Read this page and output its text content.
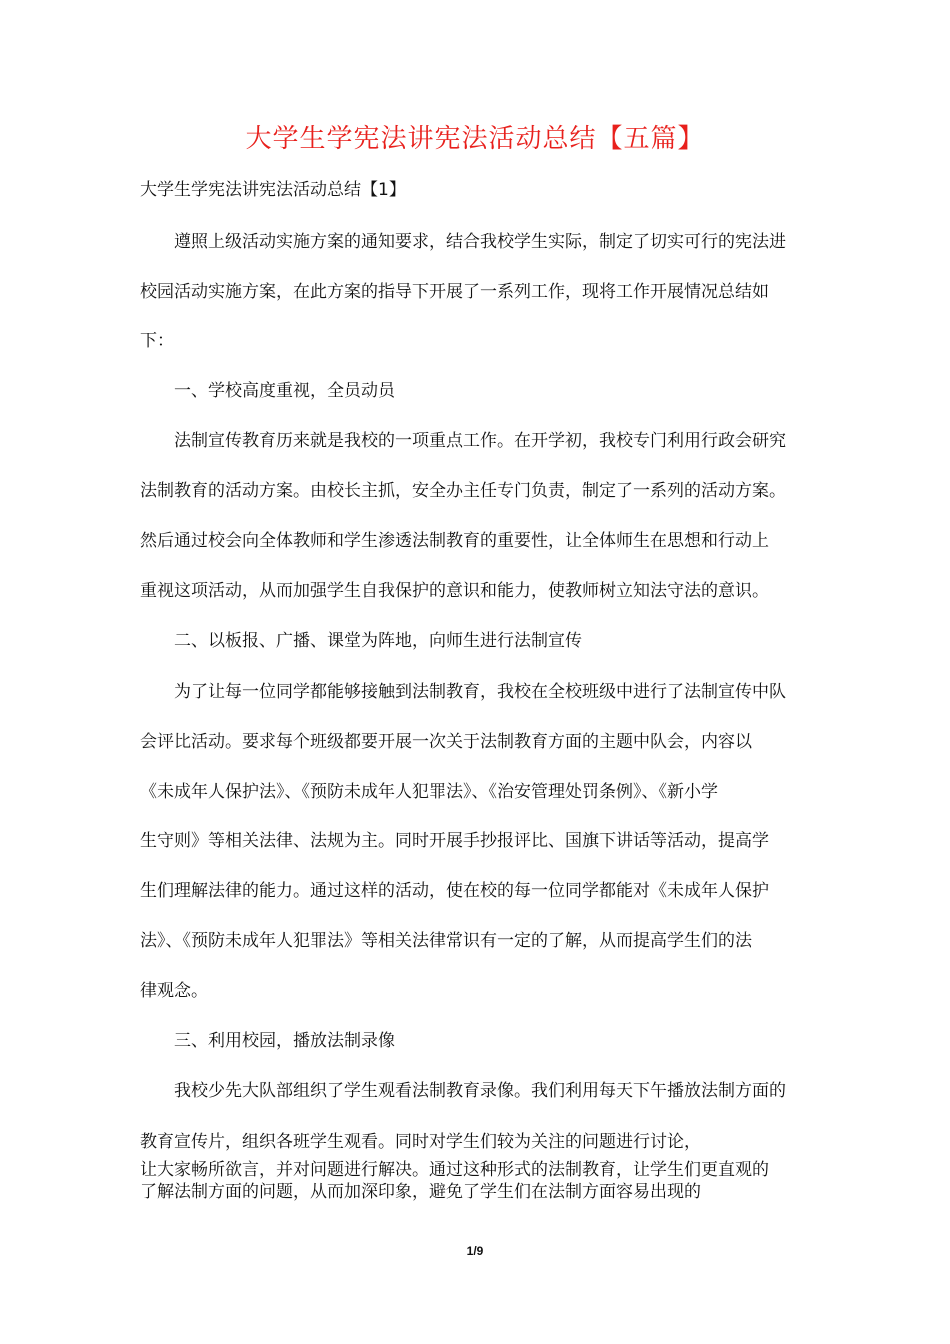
大学生学宪法讲宪法活动总结【五篇】
大学生学宪法讲宪法活动总结【1】
　　遵照上级活动实施方案的通知要求，结合我校学生实际，制定了切实可行的宪法进
校园活动实施方案，在此方案的指导下开展了一系列工作，现将工作开展情况总结如
下：
　　一、学校高度重视，全员动员
　　法制宣传教育历来就是我校的一项重点工作。在开学初，我校专门利用行政会研究
法制教育的活动方案。由校长主抓，安全办主任专门负责，制定了一系列的活动方案。
然后通过校会向全体教师和学生渗透法制教育的重要性，让全体师生在思想和行动上
重视这项活动，从而加强学生自我保护的意识和能力，使教师树立知法守法的意识。
　　二、以板报、广播、课堂为阵地，向师生进行法制宣传
　　为了让每一位同学都能够接触到法制教育，我校在全校班级中进行了法制宣传中队
会评比活动。要求每个班级都要开展一次关于法制教育方面的主题中队会，内容以
《未成年人保护法》、《预防未成年人犯罪法》、《治安管理处罚条例》、《新小学
生守则》等相关法律、法规为主。同时开展手抄报评比、国旗下讲话等活动，提高学
生们理解法律的能力。通过这样的活动，使在校的每一位同学都能对《未成年人保护
法》、《预防未成年人犯罪法》等相关法律常识有一定的了解，从而提高学生们的法
律观念。
　　三、利用校园，播放法制录像
　　我校少先大队部组织了学生观看法制教育录像。我们利用每天下午播放法制方面的
教育宣传片，组织各班学生观看。同时对学生们较为关注的问题进行讨论，
让大家畅所欲言，并对问题进行解决。通过这种形式的法制教育，让学生们更直观的
了解法制方面的问题，从而加深印象，避免了学生们在法制方面容易出现的
1/9
